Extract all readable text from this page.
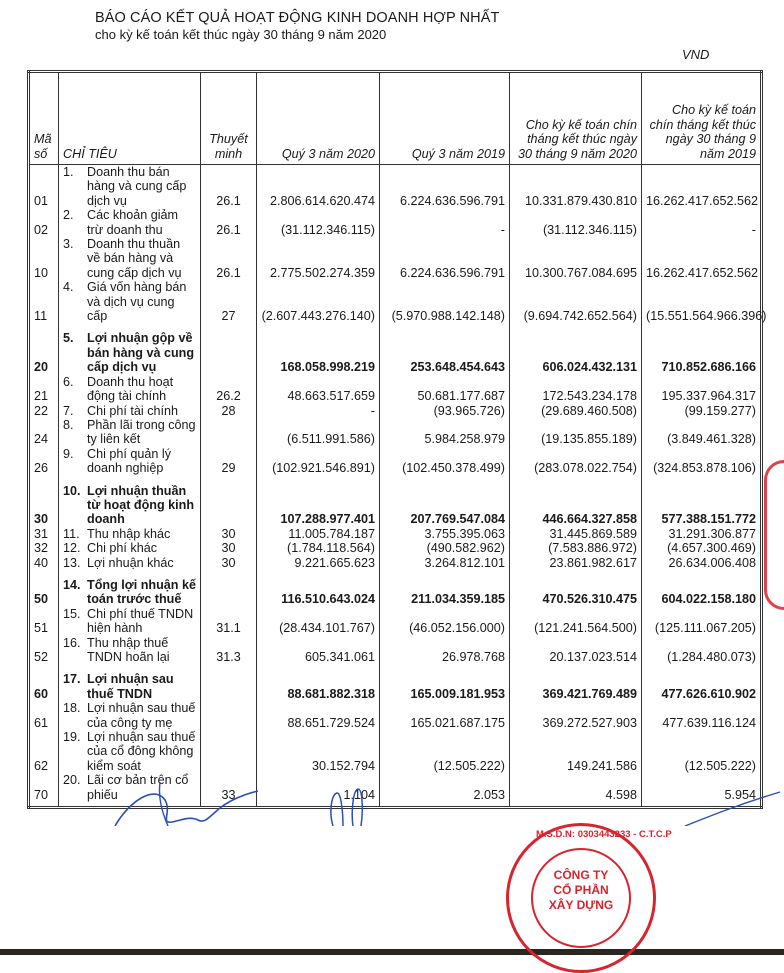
BÁO CÁO KẾT QUẢ HOẠT ĐỘNG KINH DOANH HỢP NHẤT
cho kỳ kế toán kết thúc ngày 30 tháng 9 năm 2020
VND
Mã số	CHỈ TIÊU	Thuyết minh	Quý 3 năm 2020	Quý 3 năm 2019	Cho kỳ kế toán chín tháng kết thúc ngày 30 tháng 9 năm 2020	Cho kỳ kế toán chín tháng kết thúc ngày 30 tháng 9 năm 2019
01	1. Doanh thu bán hàng và cung cấp dịch vụ	26.1	2.806.614.620.474	6.224.636.596.791	10.331.879.430.810	16.262.417.652.562
02	2. Các khoản giảm trừ doanh thu	26.1	(31.112.346.115)	-	(31.112.346.115)	-
10	3. Doanh thu thuần về bán hàng và cung cấp dịch vụ	26.1	2.775.502.274.359	6.224.636.596.791	10.300.767.084.695	16.262.417.652.562
11	4. Giá vốn hàng bán và dịch vụ cung cấp	27	(2.607.443.276.140)	(5.970.988.142.148)	(9.694.742.652.564)	(15.551.564.966.396)
20	5. Lợi nhuận gộp về bán hàng và cung cấp dịch vụ		168.058.998.219	253.648.454.643	606.024.432.131	710.852.686.166
21	6. Doanh thu hoạt động tài chính	26.2	48.663.517.659	50.681.177.687	172.543.234.178	195.337.964.317
22	7. Chi phí tài chính	28	-	(93.965.726)	(29.689.460.508)	(99.159.277)
24	8. Phần lãi trong công ty liên kết		(6.511.991.586)	5.984.258.979	(19.135.855.189)	(3.849.461.328)
26	9. Chi phí quản lý doanh nghiệp	29	(102.921.546.891)	(102.450.378.499)	(283.078.022.754)	(324.853.878.106)
30	10. Lợi nhuận thuần từ hoạt động kinh doanh		107.288.977.401	207.769.547.084	446.664.327.858	577.388.151.772
31	11. Thu nhập khác	30	11.005.784.187	3.755.395.063	31.445.869.589	31.291.306.877
32	12. Chi phí khác	30	(1.784.118.564)	(490.582.962)	(7.583.886.972)	(4.657.300.469)
40	13. Lợi nhuận khác	30	9.221.665.623	3.264.812.101	23.861.982.617	26.634.006.408
50	14. Tổng lợi nhuận kế toán trước thuế		116.510.643.024	211.034.359.185	470.526.310.475	604.022.158.180
51	15. Chi phí thuế TNDN hiện hành	31.1	(28.434.101.767)	(46.052.156.000)	(121.241.564.500)	(125.111.067.205)
52	16. Thu nhập thuế TNDN hoãn lại	31.3	605.341.061	26.978.768	20.137.023.514	(1.284.480.073)
60	17. Lợi nhuận sau thuế TNDN		88.681.882.318	165.009.181.953	369.421.769.489	477.626.610.902
61	18. Lợi nhuận sau thuế của công ty mẹ		88.651.729.524	165.021.687.175	369.272.527.903	477.639.116.124
62	19. Lợi nhuận sau thuế của cổ đông không kiểm soát		30.152.794	(12.505.222)	149.241.586	(12.505.222)
70	20. Lãi cơ bản trên cổ phiếu	33	1.104	2.053	4.598	5.954
CÔNG TY
CỔ PHẦN
XÂY DỰNG
M.S.D.N: 0303443233 - C.T.C.P
